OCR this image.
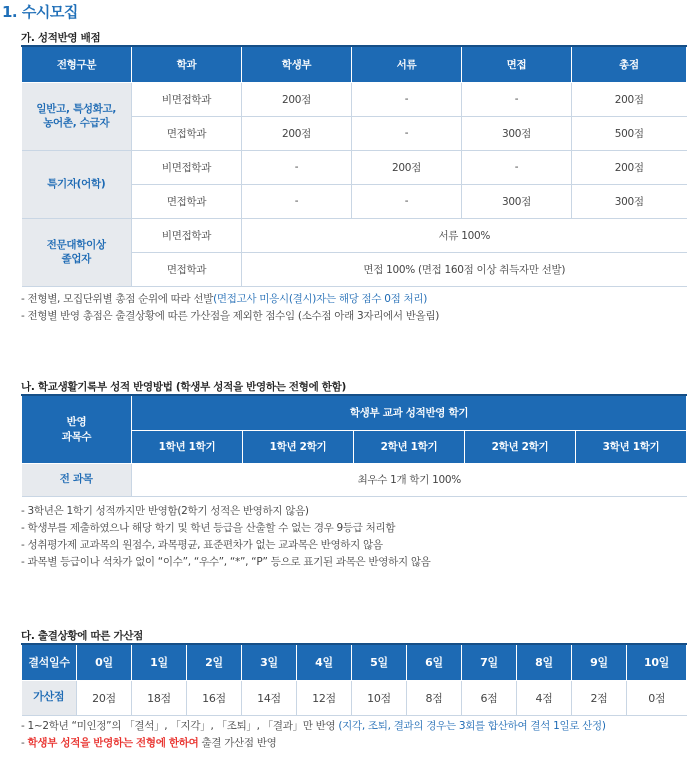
1. 수시모집
가. 성적반영 배점
전형구분	학과	학생부	서류	면접	총점
일반고, 특성화고,
농어촌, 수급자	비면접학과	200점	-	-	200점
	면접학과	200점	-	300점	500점
특기자(어학)	비면접학과	-	200점	-	200점
	면접학과	-	-	300점	300점
전문대학이상
졸업자	비면접학과	서류 100%			
	면접학과	면접 100% (면접 160점 이상 취득자만 선발)			
- 전형별, 모집단위별 총점 순위에 따라 선발(면접고사 미응시(결시)자는 해당 점수 0점 처리)
- 전형별 반영 총점은 출결상황에 따른 가산점을 제외한 점수임 (소수점 아래 3자리에서 반올림)
나. 학교생활기록부 성적 반영방법 (학생부 성적을 반영하는 전형에 한함)
반영
과목수	학생부 교과 성적반영 학기				
	1학년 1학기	1학년 2학기	2학년 1학기	2학년 2학기	3학년 1학기
전 과목	최우수 1개 학기 100%				
- 3학년은 1학기 성적까지만 반영함(2학기 성적은 반영하지 않음)
- 학생부를 제출하였으나 해당 학기 및 학년 등급을 산출할 수 없는 경우 9등급 처리함
- 성취평가제 교과목의 원점수, 과목평균, 표준편차가 없는 교과목은 반영하지 않음
- 과목별 등급이나 석차가 없이 “이수”, “우수”, “*”, “P” 등으로 표기된 과목은 반영하지 않음
다. 출결상황에 따른 가산점
결석일수	0일	1일	2일	3일	4일	5일	6일	7일	8일	9일	10일
가산점	20점	18점	16점	14점	12점	10점	8점	6점	4점	2점	0점
- 1~2학년 “미인정”의 「결석」, 「지각」, 「조퇴」, 「결과」만 반영 (지각, 조퇴, 결과의 경우는 3회를 합산하여 결석 1일로 산정)
- 학생부 성적을 반영하는 전형에 한하여 출결 가산점 반영
